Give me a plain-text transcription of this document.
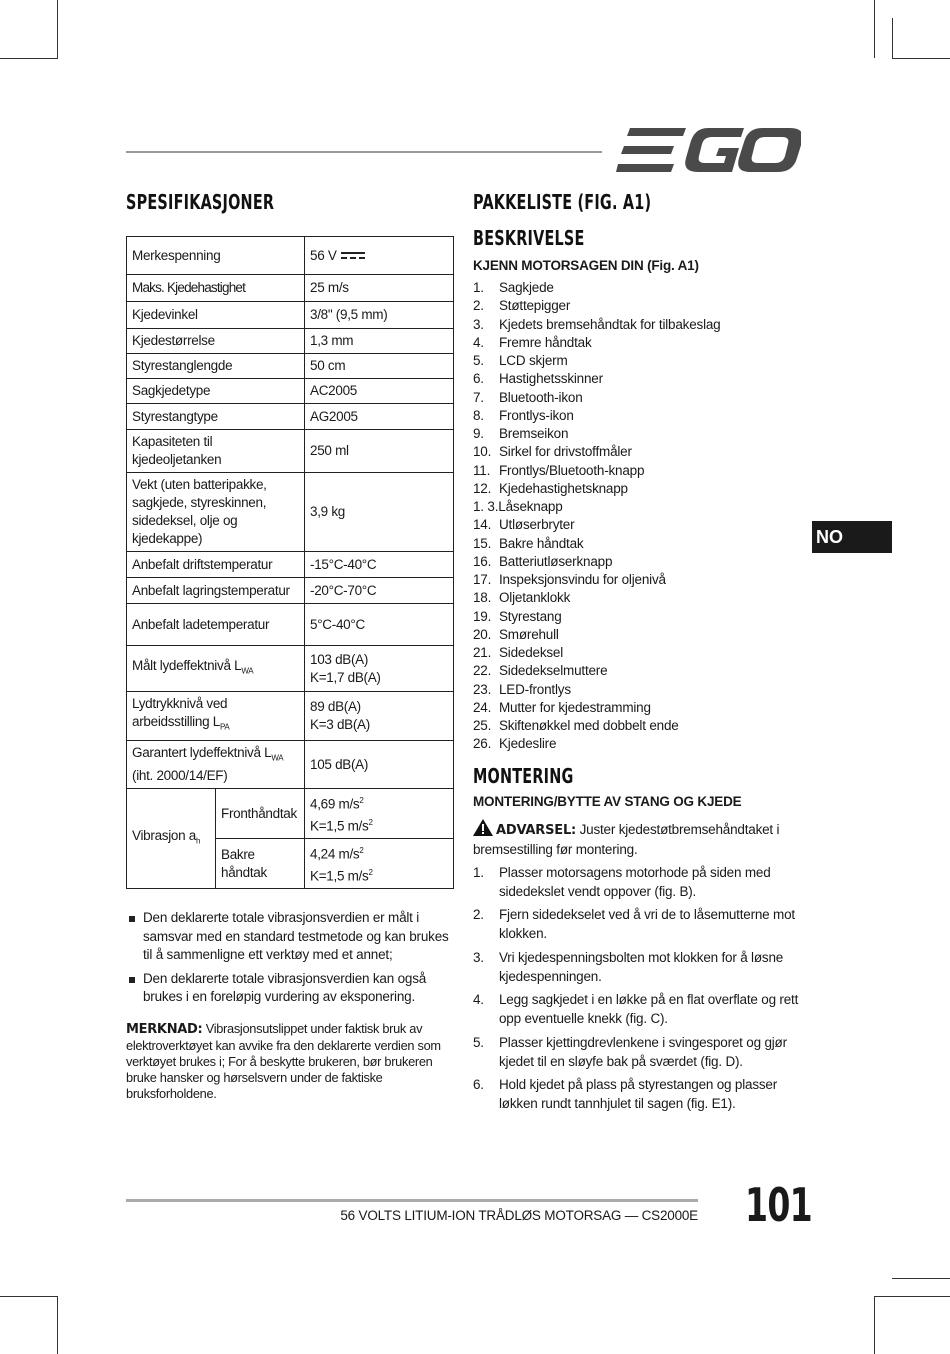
SPESIFIKASJONER
Merkespenning		56 V
Maks. Kjedehastighet		25 m/s
Kjedevinkel		3/8" (9,5 mm)
Kjedestørrelse		1,3 mm
Styrestanglengde		50 cm
Sagkjedetype		AC2005
Styrestangtype		AG2005
Kapasiteten til kjedeoljetanken		250 ml
Vekt (uten batteripakke, sagkjede, styreskinnen, sidedeksel, olje og kjedekappe)		3,9 kg
Anbefalt driftstemperatur		-15°C-40°C
Anbefalt lagringstemperatur		-20°C-70°C
Anbefalt ladetemperatur		5°C-40°C
Målt lydeffektnivå $L_{WA}$		103 dB(A)
K=1,7 dB(A)
Lydtrykknivå ved arbeidsstilling $L_{PA}$		89 dB(A)
K=3 dB(A)
Garantert lydeffektnivå $L_{WA}$
(iht. 2000/14/EF)		105 dB(A)
Vibrasjon $a_h$	Fronthåndtak	4,69 $m/s^2$
K=1,5 $m/s^2$
	Bakre håndtak	4,24 $m/s^2$
K=1,5 $m/s^2$
Den deklarerte totale vibrasjonsverdien er målt i samsvar med en standard testmetode og kan brukes til å sammenligne ett verktøy med et annet;
Den deklarerte totale vibrasjonsverdien kan også brukes i en foreløpig vurdering av eksponering.
MERKNAD: Vibrasjonsutslippet under faktisk bruk av elektroverktøyet kan avvike fra den deklarerte verdien som verktøyet brukes i; For å beskytte brukeren, bør brukeren bruke hansker og hørselsvern under de faktiske bruksforholdene.
PAKKELISTE (FIG. A1)
BESKRIVELSE
KJENN MOTORSAGEN DIN (Fig. A1)
1. Sagkjede
2. Støttepigger
3. Kjedets bremsehåndtak for tilbakeslag
4. Fremre håndtak
5. LCD skjerm
6. Hastighetsskinner
7. Bluetooth-ikon
8. Frontlys-ikon
9. Bremseikon
10. Sirkel for drivstoffmåler
11. Frontlys/Bluetooth-knapp
12. Kjedehastighetsknapp
1. 3.Låseknapp
14. Utløserbryter
15. Bakre håndtak
16. Batteriutløserknapp
17. Inspeksjonsvindu for oljenivå
18. Oljetanklokk
19. Styrestang
20. Smørehull
21. Sidedeksel
22. Sidedekselmuttere
23. LED-frontlys
24. Mutter for kjedestramming
25. Skiftenøkkel med dobbelt ende
26. Kjedeslire
MONTERING
MONTERING/BYTTE AV STANG OG KJEDE
ADVARSEL: Juster kjedestøtbremsehåndtaket i bremsestilling før montering.
1. Plasser motorsagens motorhode på siden med sidedekslet vendt oppover (fig. B).
2. Fjern sidedekselet ved å vri de to låsemutterne mot klokken.
3. Vri kjedespenningsbolten mot klokken for å løsne kjedespenningen.
4. Legg sagkjedet i en løkke på en flat overflate og rett opp eventuelle knekk (fig. C).
5. Plasser kjettingdrevlenkene i svingesporet og gjør kjedet til en sløyfe bak på sværdet (fig. D).
6. Hold kjedet på plass på styrestangen og plasser løkken rundt tannhjulet til sagen (fig. E1).
NO
56 VOLTS LITIUM-ION TRÅDLØS MOTORSAG — CS2000E 101
